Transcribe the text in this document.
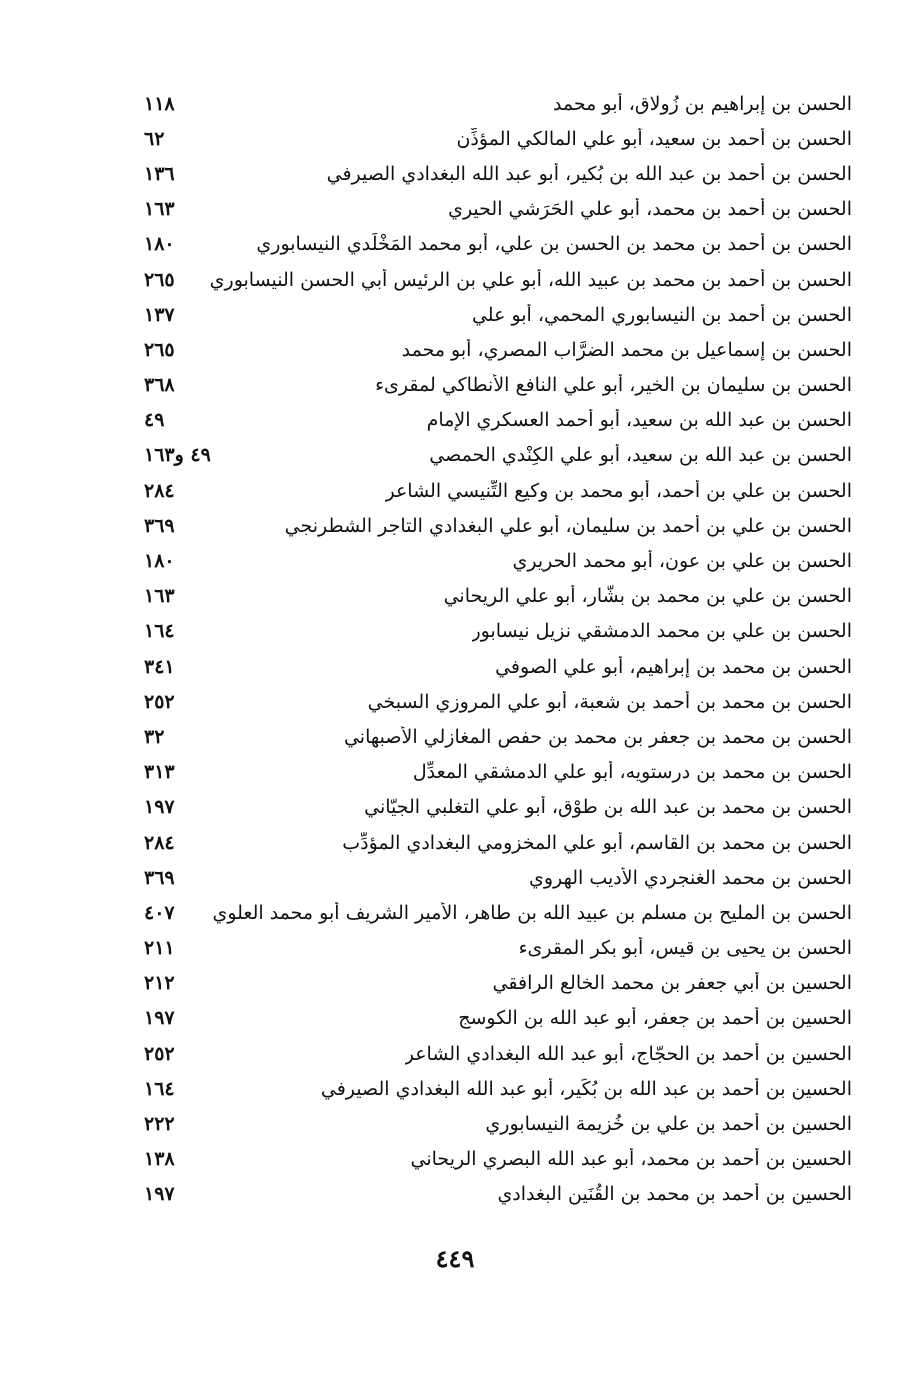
الحسن بن إبراهيم بن زُولاق، أبو محمد
١١٨
الحسن بن أحمد بن سعيد، أبو علي المالكي المؤذِّن
٦٢
الحسن بن أحمد بن عبد الله بن بُكير، أبو عبد الله البغدادي الصيرفي
١٣٦
الحسن بن أحمد بن محمد، أبو علي الحَرَشي الحيري
١٦٣
الحسن بن أحمد بن محمد بن الحسن بن علي، أبو محمد المَخْلَدي النيسابوري
١٨٠
الحسن بن أحمد بن محمد بن عبيد الله، أبو علي بن الرئيس أبي الحسن النيسابوري
٢٦٥
الحسن بن أحمد بن النيسابوري المحمي، أبو علي
١٣٧
الحسن بن إسماعيل بن محمد الضرَّاب المصري، أبو محمد
٢٦٥
الحسن بن سليمان بن الخير، أبو علي النافع الأنطاكي لمقرىء
٣٦٨
الحسن بن عبد الله بن سعيد، أبو أحمد العسكري الإمام
٤٩
الحسن بن عبد الله بن سعيد، أبو علي الكِنْدي الحمصي
٤٩ و١٦٣
الحسن بن علي بن أحمد، أبو محمد بن وكيع التِّنيسي الشاعر
٢٨٤
الحسن بن علي بن أحمد بن سليمان، أبو علي البغدادي التاجر الشطرنجي
٣٦٩
الحسن بن علي بن عون، أبو محمد الحريري
١٨٠
الحسن بن علي بن محمد بن بشّار، أبو علي الريحاني
١٦٣
الحسن بن علي بن محمد الدمشقي نزيل نيسابور
١٦٤
الحسن بن محمد بن إبراهيم، أبو علي الصوفي
٣٤١
الحسن بن محمد بن أحمد بن شعبة، أبو علي المروزي السبخي
٢٥٢
الحسن بن محمد بن جعفر بن محمد بن حفص المغازلي الأصبهاني
٣٢
الحسن بن محمد بن درستويه، أبو علي الدمشقي المعدِّل
٣١٣
الحسن بن محمد بن عبد الله بن طوْق، أبو علي التغلبي الجيّاني
١٩٧
الحسن بن محمد بن القاسم، أبو علي المخزومي البغدادي المؤدِّب
٢٨٤
الحسن بن محمد الغنجردي الأديب الهروي
٣٦٩
الحسن بن المليح بن مسلم بن عبيد الله بن طاهر، الأمير الشريف أبو محمد العلوي
٤٠٧
الحسن بن يحيى بن قيس، أبو بكر المقرىء
٢١١
الحسين بن أبي جعفر بن محمد الخالع الرافقي
٢١٢
الحسين بن أحمد بن جعفر، أبو عبد الله بن الكوسج
١٩٧
الحسين بن أحمد بن الحجّاج، أبو عبد الله البغدادي الشاعر
٢٥٢
الحسين بن أحمد بن عبد الله بن بُكَير، أبو عبد الله البغدادي الصيرفي
١٦٤
الحسين بن أحمد بن علي بن خُزيمة النيسابوري
٢٢٢
الحسين بن أحمد بن محمد، أبو عبد الله البصري الريحاني
١٣٨
الحسين بن أحمد بن محمد بن القُنَين البغدادي
١٩٧
٤٤٩
